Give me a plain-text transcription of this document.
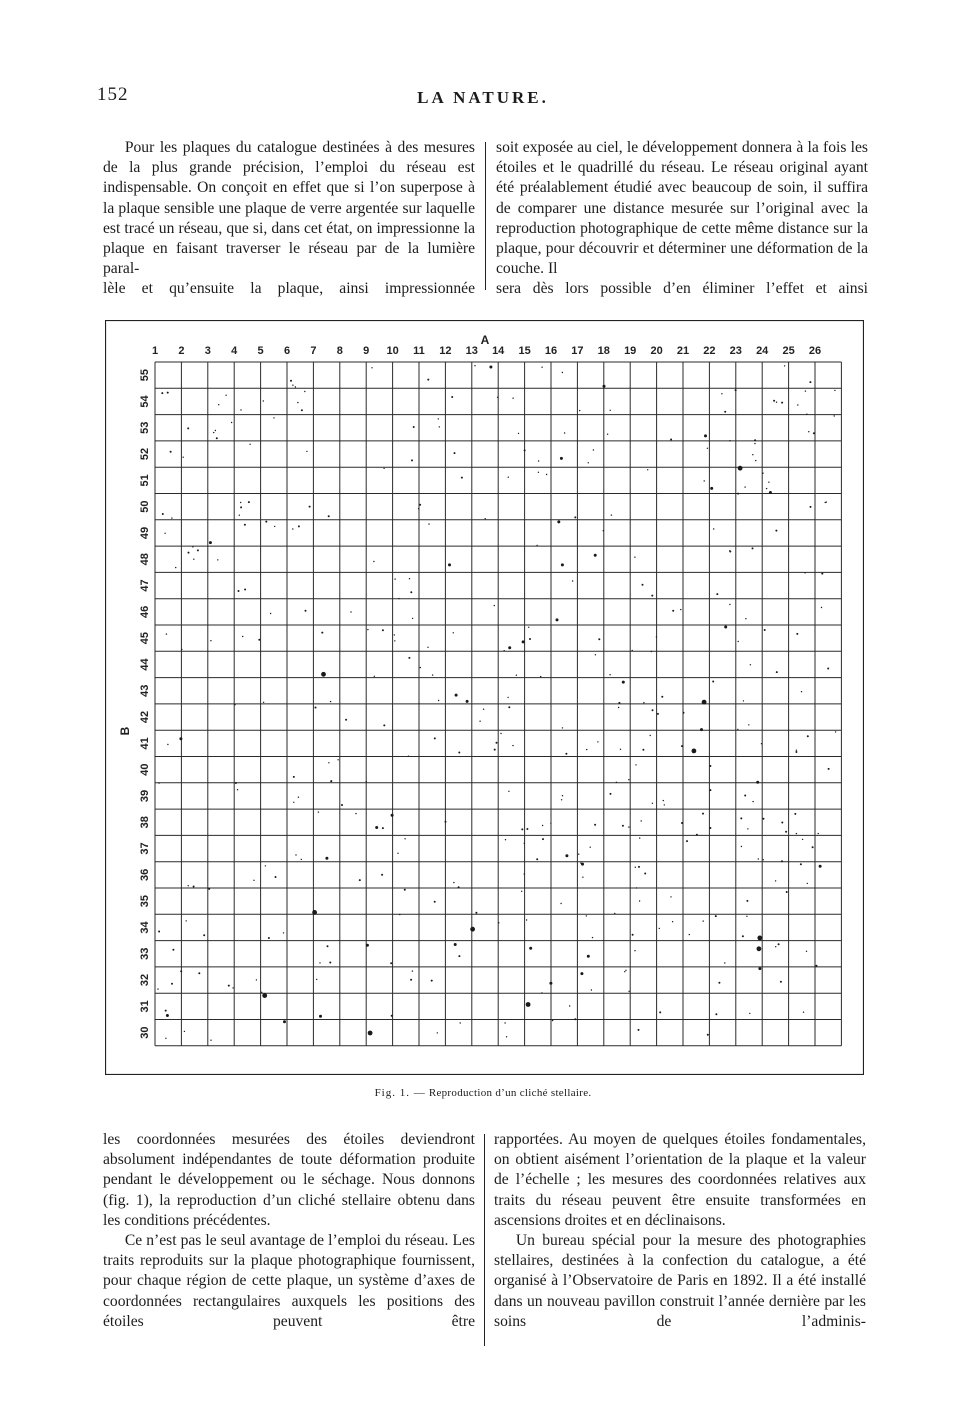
152	LA NATURE.

Pour les plaques du catalogue destinées à des mesures de la plus grande précision, l’emploi du réseau est indispensable. On conçoit en effet que si l’on superpose à la plaque sensible une plaque de verre argentée sur laquelle est tracé un réseau, que si, dans cet état, on impressionne la plaque en faisant traverser le réseau par de la lumière paral-

lèle et qu’ensuite la plaque, ainsi impressionnée

soit exposée au ciel, le développement donnera à la fois les étoiles et le quadrillé du réseau. Le réseau original ayant été préalablement étudié avec beaucoup de soin, il suffira de comparer une distance mesurée sur l’original avec la reproduction photographique de cette même distance sur la plaque, pour découvrir et déterminer une déformation de la couche. Il

sera dès lors possible d’en éliminer l’effet et ainsi

A
1 2 3 4 5 6 7 8 9 10 11 12 13 14 15 16 17 18 19 20 21 22 23 24 25 26
55
54
53
52
51
50
49
48
47
46
45
44
43
42
41
40
39
38
37
36
35
34
33
32
31
30
B
Fig. 1. — Reproduction d’un cliché stellaire.

les coordonnées mesurées des étoiles deviendront absolument indépendantes de toute déformation produite pendant le développement ou le séchage. Nous donnons (fig. 1), la reproduction d’un cliché stellaire obtenu dans les conditions précédentes.

Ce n’est pas le seul avantage de l’emploi du réseau. Les traits reproduits sur la plaque photographique fournissent, pour chaque région de cette plaque, un système d’axes de coordonnées rectangulaires auxquels les positions des étoiles peuvent être

rapportées. Au moyen de quelques étoiles fondamentales, on obtient aisément l’orientation de la plaque et la valeur de l’échelle ; les mesures des coordonnées relatives aux traits du réseau peuvent être ensuite transformées en ascensions droites et en déclinaisons.

Un bureau spécial pour la mesure des photographies stellaires, destinées à la confection du catalogue, a été organisé à l’Observatoire de Paris en 1892. Il a été installé dans un nouveau pavillon construit l’année dernière par les soins de l’adminis-
